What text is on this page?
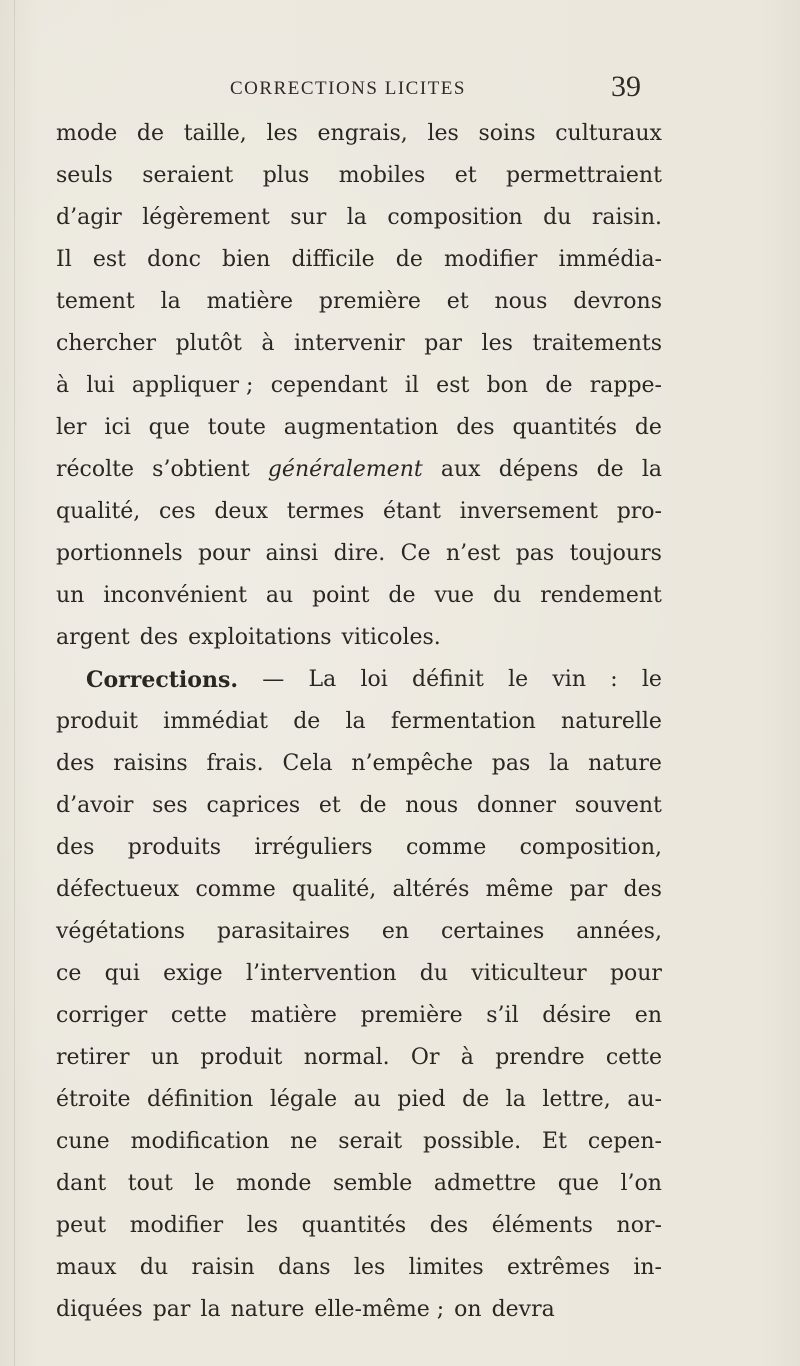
CORRECTIONS LICITES	39
mode de taille, les engrais, les soins culturaux
seuls seraient plus mobiles et permettraient
d’agir légèrement sur la composition du raisin.
Il est donc bien difficile de modifier immédia-
tement la matière première et nous devrons
chercher plutôt à intervenir par les traitements
à lui appliquer ; cependant il est bon de rappe-
ler ici que toute augmentation des quantités de
récolte s’obtient généralement aux dépens de la
qualité, ces deux termes étant inversement pro-
portionnels pour ainsi dire. Ce n’est pas toujours
un inconvénient au point de vue du rendement
argent des exploitations viticoles.
Corrections. — La loi définit le vin : le
produit immédiat de la fermentation naturelle
des raisins frais. Cela n’empêche pas la nature
d’avoir ses caprices et de nous donner souvent
des produits irréguliers comme composition,
défectueux comme qualité, altérés même par des
végétations parasitaires en certaines années,
ce qui exige l’intervention du viticulteur pour
corriger cette matière première s’il désire en
retirer un produit normal. Or à prendre cette
étroite définition légale au pied de la lettre, au-
cune modification ne serait possible. Et cepen-
dant tout le monde semble admettre que l’on
peut modifier les quantités des éléments nor-
maux du raisin dans les limites extrêmes in-
diquées par la nature elle-même ; on devra
